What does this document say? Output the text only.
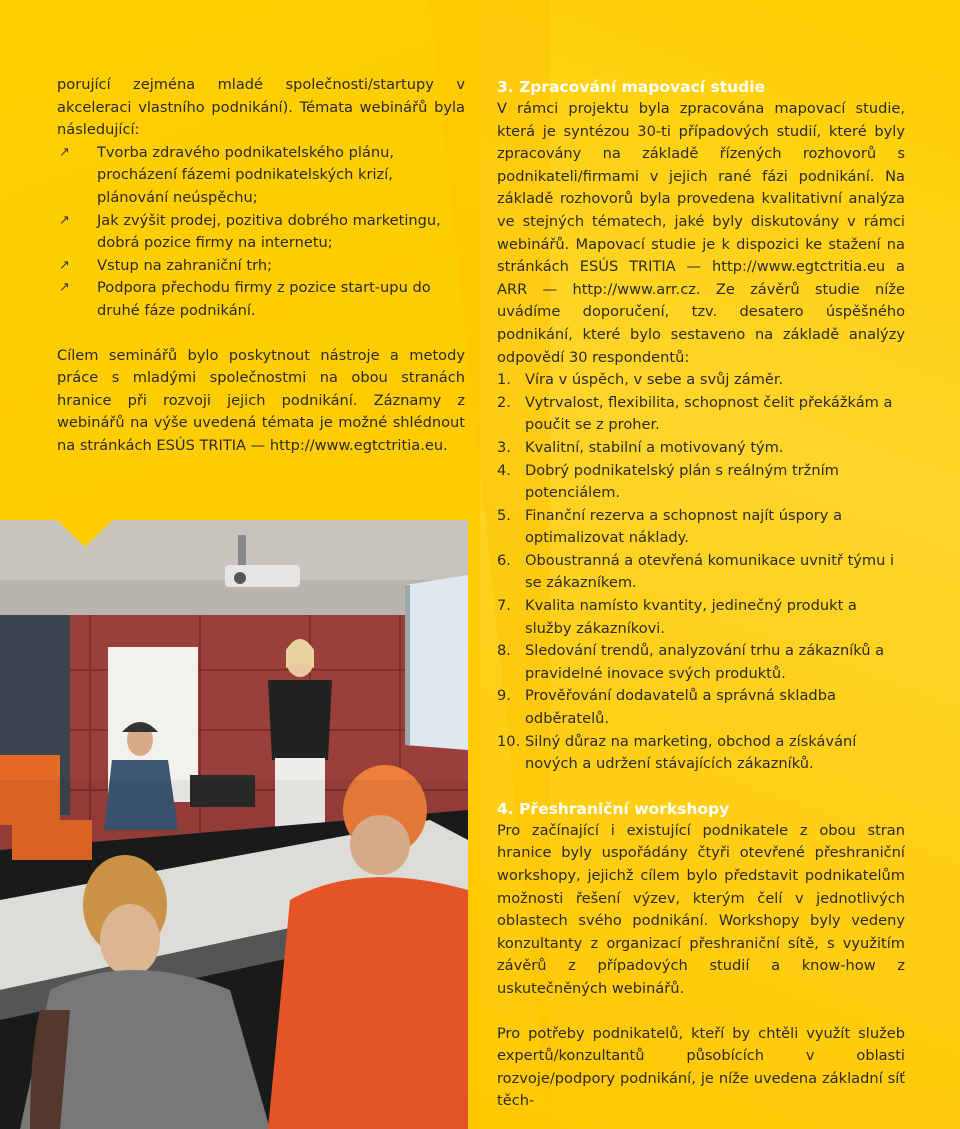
porující zejména mladé společnosti/startupy v akceleraci vlastního podnikání). Témata webinářů byla následující:

↗ Tvorba zdravého podnikatelského plánu, procházení fázemi podnikatelských krizí, plánování neúspěchu;
↗ Jak zvýšit prodej, pozitiva dobrého marketingu, dobrá pozice firmy na internetu;
↗ Vstup na zahraniční trh;
↗ Podpora přechodu firmy z pozice start-upu do druhé fáze podnikání.

Cílem seminářů bylo poskytnout nástroje a metody práce s mladými společnostmi na obou stranách hranice při rozvoji jejich podnikání. Záznamy z webinářů na výše uvedená témata je možné shlédnout na stránkách ESÚS TRITIA — http://www.egtctritia.eu.

3. Zpracování mapovací studie

V rámci projektu byla zpracována mapovací studie, která je syntézou 30-ti případových studií, které byly zpracovány na základě řízených rozhovorů s podnikateli/firmami v jejich rané fázi podnikání. Na základě rozhovorů byla provedena kvalitativní analýza ve stejných tématech, jaké byly diskutovány v rámci webinářů. Mapovací studie je k dispozici ke stažení na stránkách ESÚS TRITIA — http://www.egtctritia.eu a ARR — http://www.arr.cz. Ze závěrů studie níže uvádíme doporučení, tzv. desatero úspěšného podnikání, které bylo sestaveno na základě analýzy odpovědí 30 respondentů:

1. Víra v úspěch, v sebe a svůj záměr.
2. Vytrvalost, flexibilita, schopnost čelit překážkám a poučit se z proher.
3. Kvalitní, stabilní a motivovaný tým.
4. Dobrý podnikatelský plán s reálným tržním potenciálem.
5. Finanční rezerva a schopnost najít úspory a optimalizovat náklady.
6. Oboustranná a otevřená komunikace uvnitř týmu i se zákazníkem.
7. Kvalita namísto kvantity, jedinečný produkt a služby zákazníkovi.
8. Sledování trendů, analyzování trhu a zákazníků a pravidelné inovace svých produktů.
9. Prověřování dodavatelů a správná skladba odběratelů.
10. Silný důraz na marketing, obchod a získávání nových a udržení stávajících zákazníků.
4. Přeshraniční workshopy

Pro začínající i existující podnikatele z obou stran hranice byly uspořádány čtyři otevřené přeshraniční workshopy, jejichž cílem bylo představit podnikatelům možnosti řešení výzev, kterým čelí v jednotlivých oblastech svého podnikání. Workshopy byly vedeny konzultanty z organizací přeshraniční sítě, s využitím závěrů z případových studií a know-how z uskutečněných webinářů.

Pro potřeby podnikatelů, kteří by chtěli využít služeb expertů/konzultantů působících v oblasti rozvoje/podpory podnikání, je níže uvedena základní síť těch-
